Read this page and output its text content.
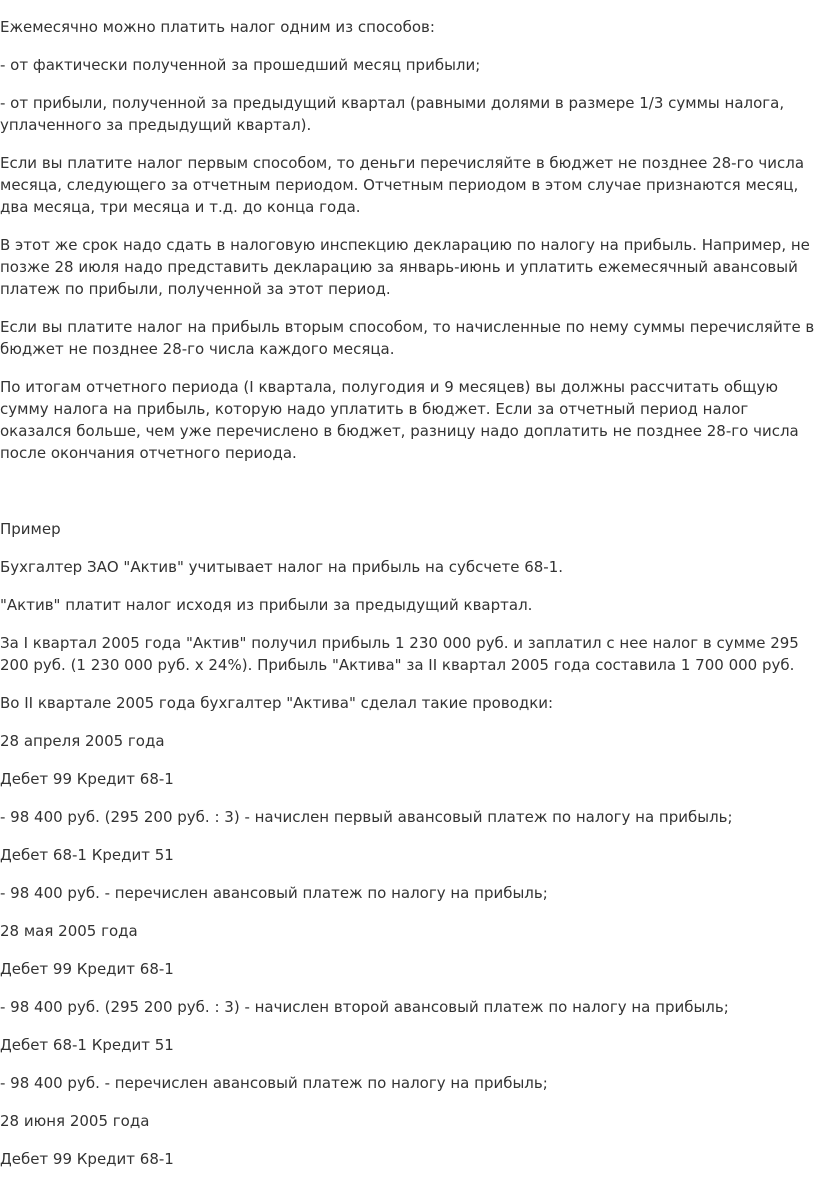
Ежемесячно можно платить налог одним из способов:

- от фактически полученной за прошедший месяц прибыли;

- от прибыли, полученной за предыдущий квартал (равными долями в размере 1/3 суммы налога, уплаченного за предыдущий квартал).

Если вы платите налог первым способом, то деньги перечисляйте в бюджет не позднее 28-го числа месяца, следующего за отчетным периодом. Отчетным периодом в этом случае признаются месяц, два месяца, три месяца и т.д. до конца года.

В этот же срок надо сдать в налоговую инспекцию декларацию по налогу на прибыль. Например, не позже 28 июля надо представить декларацию за январь-июнь и уплатить ежемесячный авансовый платеж по прибыли, полученной за этот период.

Если вы платите налог на прибыль вторым способом, то начисленные по нему суммы перечисляйте в бюджет не позднее 28-го числа каждого месяца.

По итогам отчетного периода (I квартала, полугодия и 9 месяцев) вы должны рассчитать общую сумму налога на прибыль, которую надо уплатить в бюджет. Если за отчетный период налог оказался больше, чем уже перечислено в бюджет, разницу надо доплатить не позднее 28-го числа после окончания отчетного периода.

Пример

Бухгалтер ЗАО "Актив" учитывает налог на прибыль на субсчете 68-1.

"Актив" платит налог исходя из прибыли за предыдущий квартал.

За I квартал 2005 года "Актив" получил прибыль 1 230 000 руб. и заплатил с нее налог в сумме 295 200 руб. (1 230 000 руб. x 24%). Прибыль "Актива" за II квартал 2005 года составила 1 700 000 руб.

Во II квартале 2005 года бухгалтер "Актива" сделал такие проводки:

28 апреля 2005 года

Дебет 99 Кредит 68-1

- 98 400 руб. (295 200 руб. : 3) - начислен первый авансовый платеж по налогу на прибыль;

Дебет 68-1 Кредит 51

- 98 400 руб. - перечислен авансовый платеж по налогу на прибыль;

28 мая 2005 года

Дебет 99 Кредит 68-1

- 98 400 руб. (295 200 руб. : 3) - начислен второй авансовый платеж по налогу на прибыль;

Дебет 68-1 Кредит 51

- 98 400 руб. - перечислен авансовый платеж по налогу на прибыль;

28 июня 2005 года

Дебет 99 Кредит 68-1
